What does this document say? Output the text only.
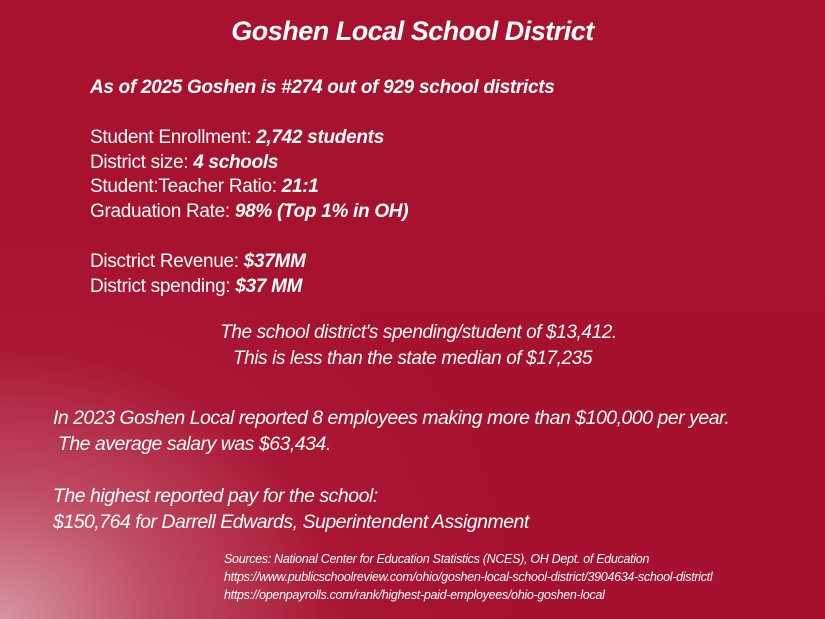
Goshen Local School District
As of 2025 Goshen is #274 out of 929 school districts
Student Enrollment: 2,742 students
District size: 4 schools
Student:Teacher Ratio: 21:1
Graduation Rate: 98% (Top 1% in OH)
Disctrict Revenue: $37MM
District spending: $37 MM
The school district's spending/student of $13,412.
This is less than the state median of $17,235
In 2023 Goshen Local reported 8 employees making more than $100,000 per year.
The average salary was $63,434.
The highest reported pay for the school:
$150,764 for Darrell Edwards, Superintendent Assignment
Sources: National Center for Education Statistics (NCES), OH Dept. of Education
https://www.publicschoolreview.com/ohio/goshen-local-school-district/3904634-school-districtl
https://openpayrolls.com/rank/highest-paid-employees/ohio-goshen-local
